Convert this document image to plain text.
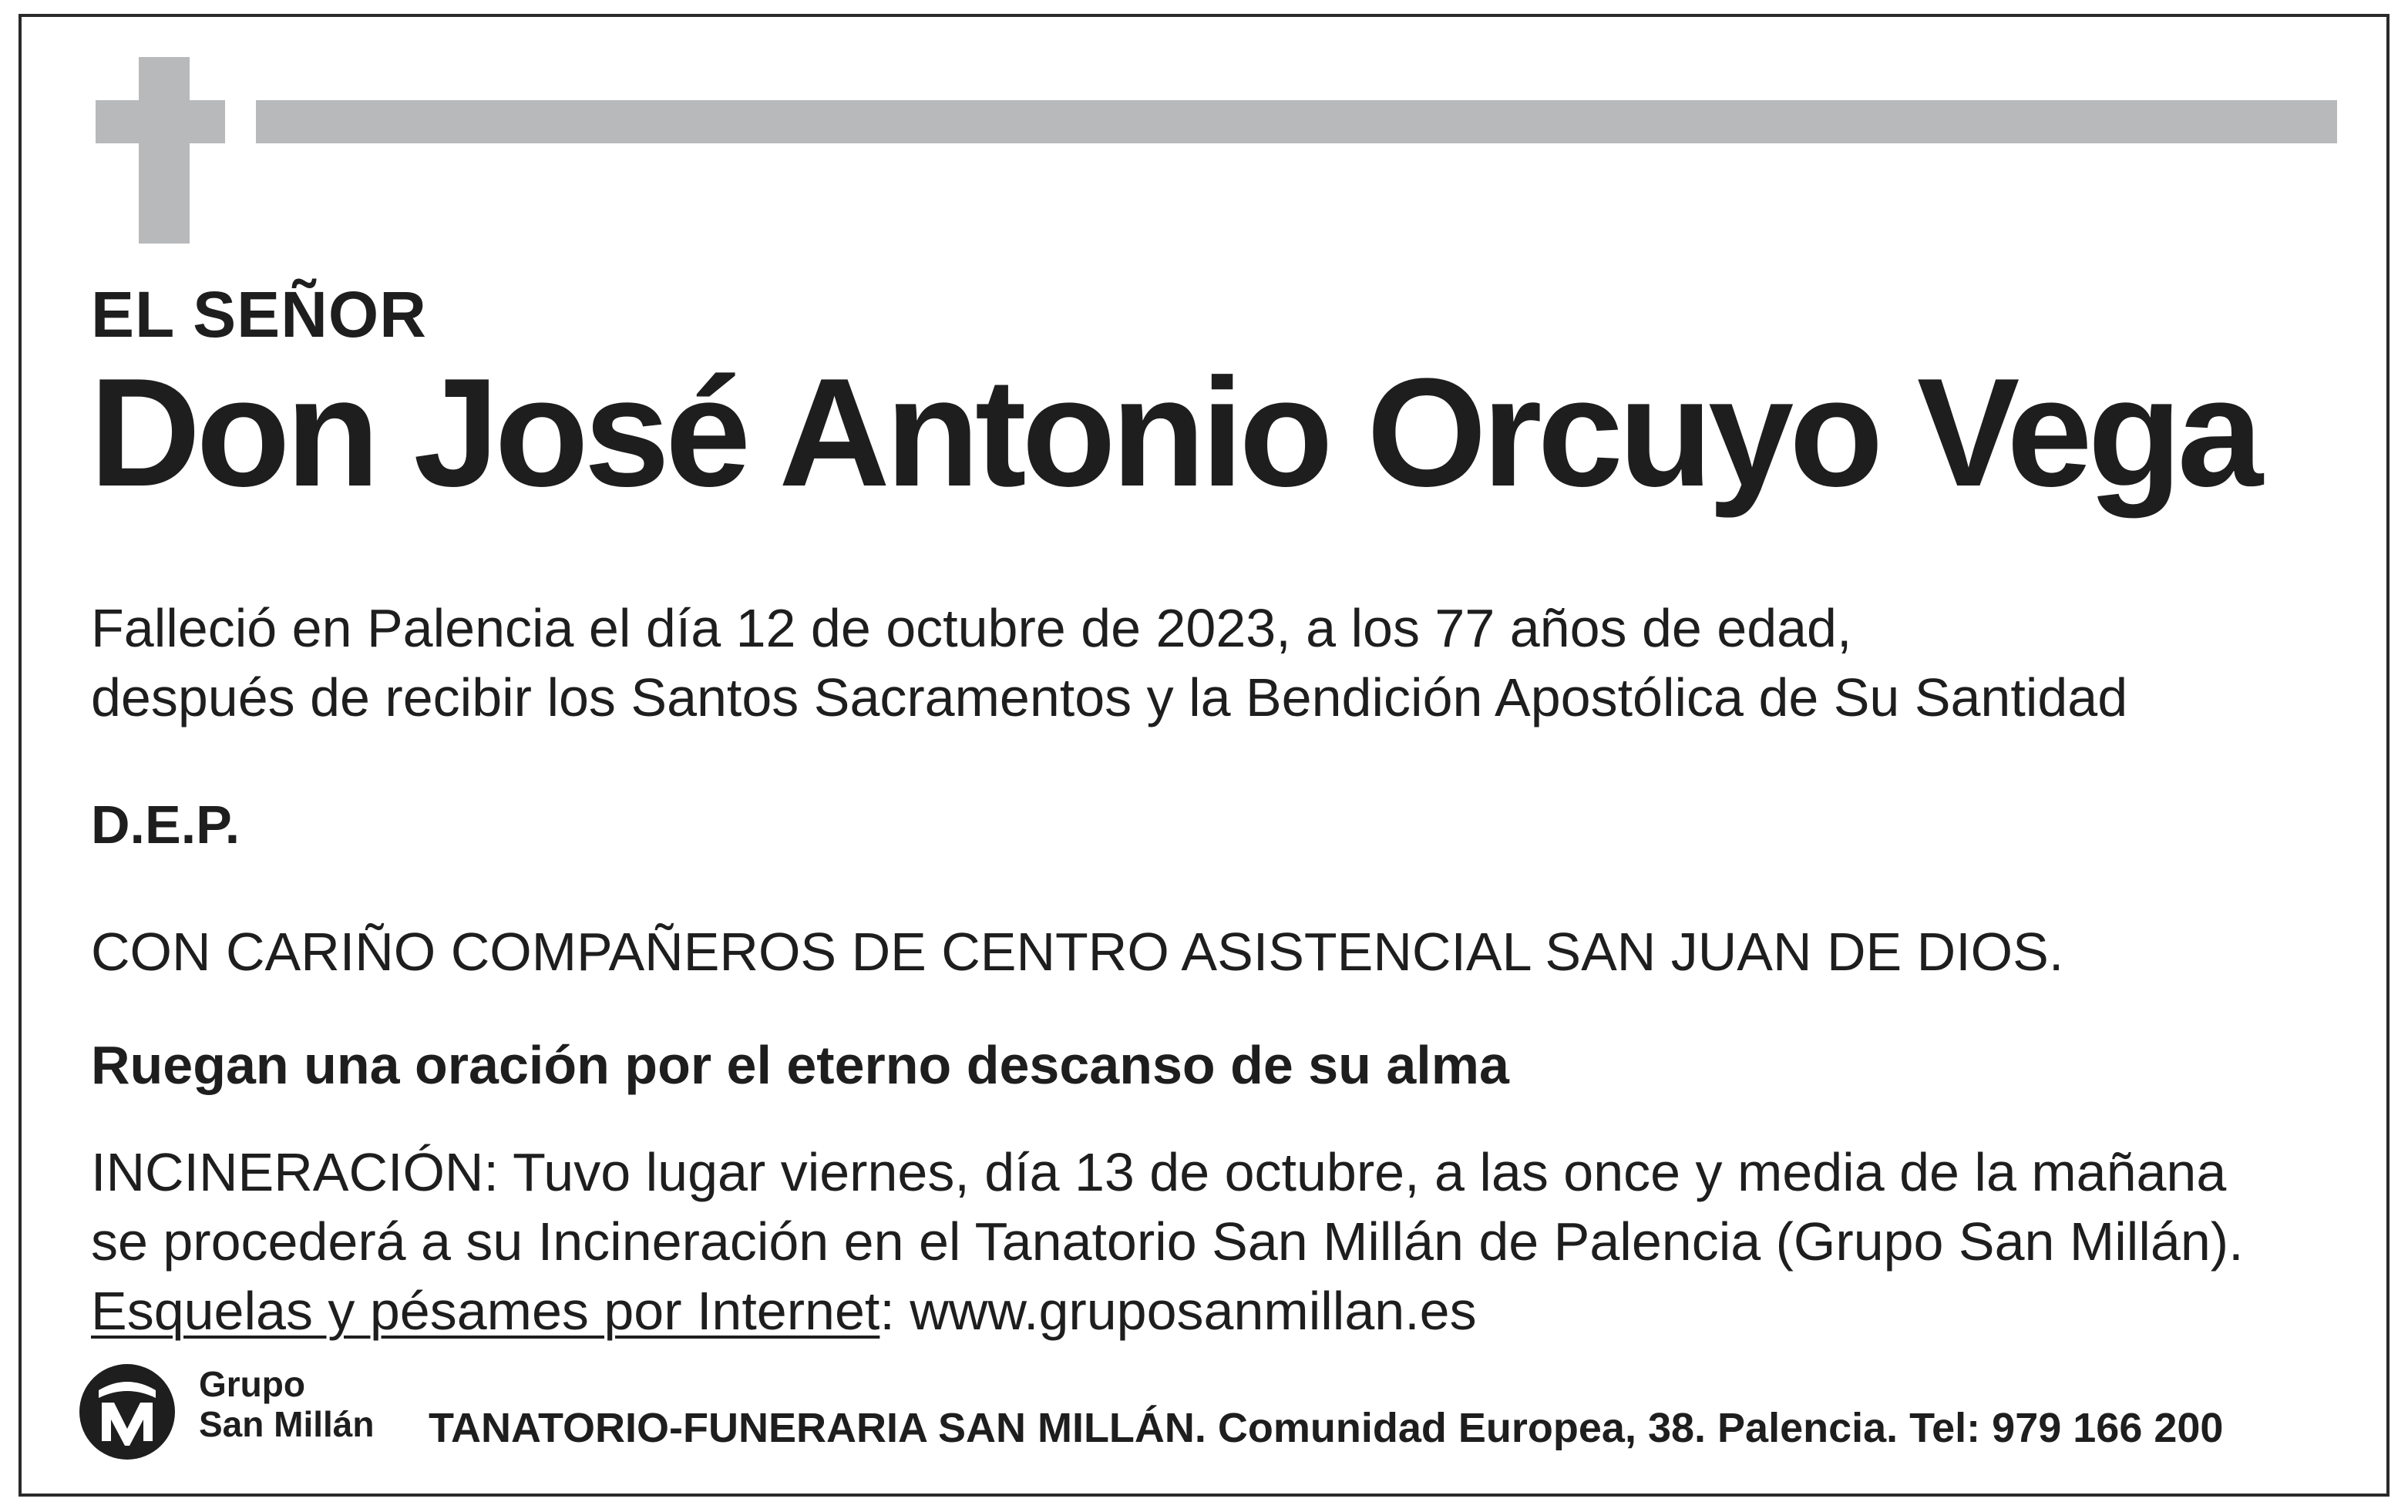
EL SEÑOR
Don José Antonio Orcuyo Vega
Falleció en Palencia el día 12 de octubre de 2023, a los 77 años de edad,
después de recibir los Santos Sacramentos y la Bendición Apostólica de Su Santidad
D.E.P.
CON CARIÑO COMPAÑEROS DE CENTRO ASISTENCIAL SAN JUAN DE DIOS.
Ruegan una oración por el eterno descanso de su alma
INCINERACIÓN: Tuvo lugar viernes, día 13 de octubre, a las once y media de la mañana
se procederá a su Incineración en el Tanatorio San Millán de Palencia (Grupo San Millán).
Esquelas y pésames por Internet: www.gruposanmillan.es
Grupo
San Millán TANATORIO-FUNERARIA SAN MILLÁN. Comunidad Europea, 38. Palencia. Tel: 979 166 200
